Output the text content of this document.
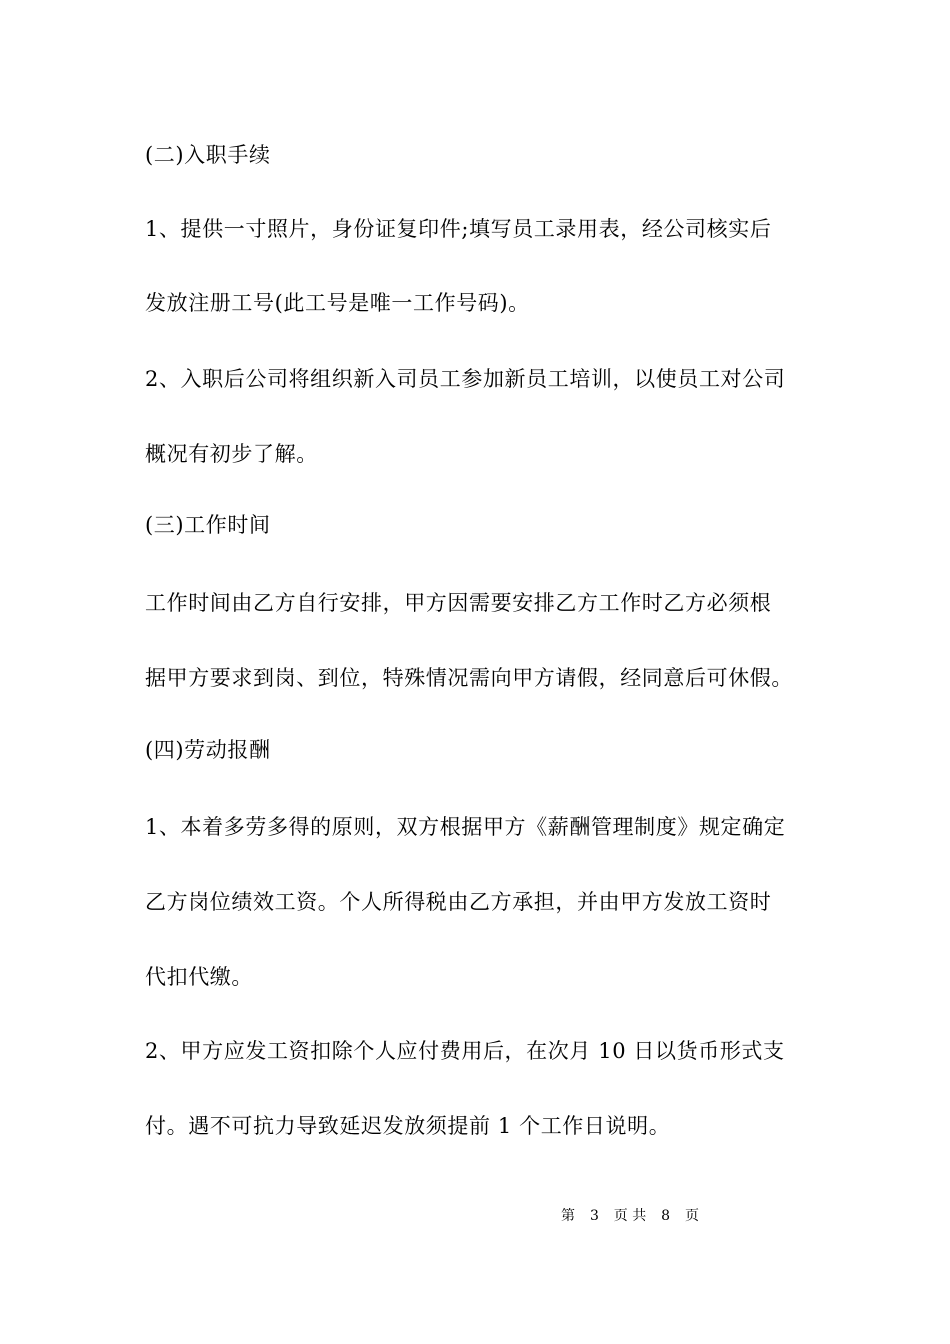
(二)入职手续
1、提供一寸照片，身份证复印件;填写员工录用表，经公司核实后
发放注册工号(此工号是唯一工作号码)。
2、入职后公司将组织新入司员工参加新员工培训，以使员工对公司
概况有初步了解。
(三)工作时间
工作时间由乙方自行安排，甲方因需要安排乙方工作时乙方必须根
据甲方要求到岗、到位，特殊情况需向甲方请假，经同意后可休假。
(四)劳动报酬
1、本着多劳多得的原则，双方根据甲方《薪酬管理制度》规定确定
乙方岗位绩效工资。个人所得税由乙方承担，并由甲方发放工资时
代扣代缴。
2、甲方应发工资扣除个人应付费用后，在次月 10 日以货币形式支
付。遇不可抗力导致延迟发放须提前 1 个工作日说明。
第 3 页 共 8 页
